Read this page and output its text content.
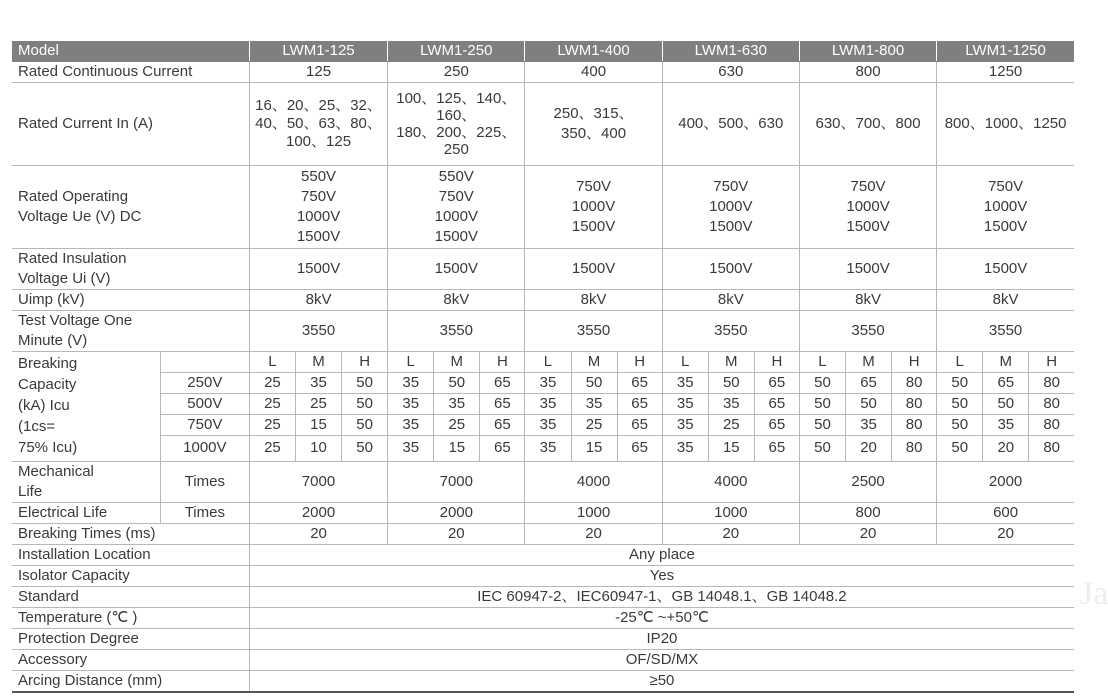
Model		LWM1-125			LWM1-250			LWM1-400			LWM1-630			LWM1-800			LWM1-1250		
Rated Continuous Current		125			250			400			630			800			1250		
Rated Current In (A)		16、20、25、32、
40、50、63、80、
100、125			100、125、140、
160、
180、200、225、
250			250、315、
350、400			400、500、630			630、700、800			800、1000、1250		

Rated Operating
Voltage Ue (V) DC		550V
750V
1000V
1500V			550V
750V
1000V
1500V			750V
1000V
1500V			750V
1000V
1500V			750V
1000V
1500V			750V
1000V
1500V		

Rated Insulation
Voltage Ui (V)		1500V			1500V			1500V			1500V			1500V			1500V		
Uimp (kV)		8kV			8kV			8kV			8kV			8kV			8kV		

Test Voltage One
Minute (V)		3550			3550			3550			3550			3550			3550		

Breaking
Capacity
(kA) Icu
(1cs=
75% Icu)		L	M	H	L	M	H	L	M	H	L	M	H	L	M	H	L	M	H
	250V	25	35	50	35	50	65	35	50	65	35	50	65	50	65	80	50	65	80
	500V	25	25	50	35	35	65	35	35	65	35	35	65	50	50	80	50	50	80
	750V	25	15	50	35	25	65	35	25	65	35	25	65	50	35	80	50	35	80
	1000V	25	10	50	35	15	65	35	15	65	35	15	65	50	20	80	50	20	80

Mechanical
Life	Times	7000			7000			4000			4000			2500			2000		
Electrical Life	Times	2000			2000			1000			1000			800			600		
Breaking Times (ms)		20			20			20			20			20			20		
Installation Location		Any place																	
Isolator Capacity		Yes																	
Standard		IEC 60947-2、IEC60947-1、GB 14048.1、GB 14048.2																	
Temperature (℃ )		-25℃ ~+50℃																	
Protection Degree		IP20																	
Accessory		OF/SD/MX																	
Arcing Distance (mm)		≥50																	
Ja
